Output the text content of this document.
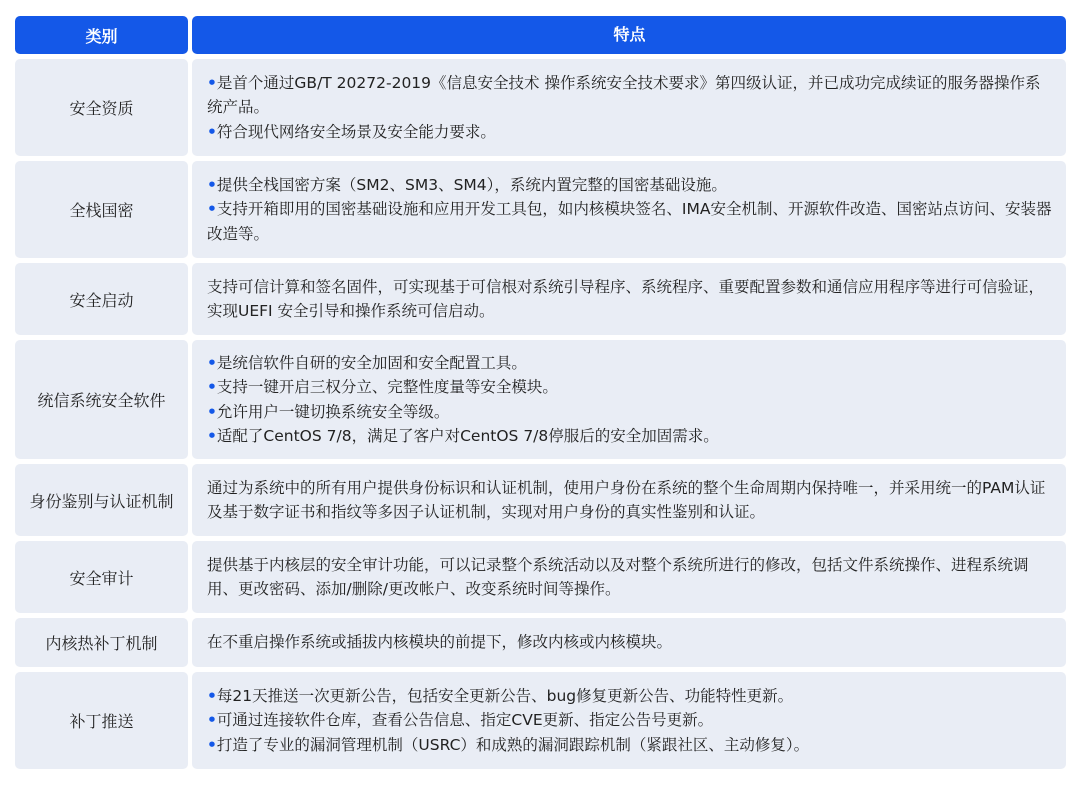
类别	特点
安全资质
•是首个通过GB/T 20272-2019《信息安全技术 操作系统安全技术要求》第四级认证，并已成功完成续证的服务器操作系统产品。
•符合现代网络安全场景及安全能力要求。
全栈国密
•提供全栈国密方案（SM2、SM3、SM4），系统内置完整的国密基础设施。
•支持开箱即用的国密基础设施和应用开发工具包，如内核模块签名、IMA安全机制、开源软件改造、国密站点访问、安装器改造等。
安全启动
支持可信计算和签名固件，可实现基于可信根对系统引导程序、系统程序、重要配置参数和通信应用程序等进行可信验证，实现UEFI 安全引导和操作系统可信启动。
统信系统安全软件
•是统信软件自研的安全加固和安全配置工具。
•支持一键开启三权分立、完整性度量等安全模块。
•允许用户一键切换系统安全等级。
•适配了CentOS 7/8，满足了客户对CentOS 7/8停服后的安全加固需求。
身份鉴别与认证机制
通过为系统中的所有用户提供身份标识和认证机制，使用户身份在系统的整个生命周期内保持唯一，并采用统一的PAM认证及基于数字证书和指纹等多因子认证机制，实现对用户身份的真实性鉴别和认证。
安全审计
提供基于内核层的安全审计功能，可以记录整个系统活动以及对整个系统所进行的修改，包括文件系统操作、进程系统调用、更改密码、添加/删除/更改帐户、改变系统时间等操作。
内核热补丁机制	在不重启操作系统或插拔内核模块的前提下，修改内核或内核模块。
补丁推送
•每21天推送一次更新公告，包括安全更新公告、bug修复更新公告、功能特性更新。
•可通过连接软件仓库，查看公告信息、指定CVE更新、指定公告号更新。
•打造了专业的漏洞管理机制（USRC）和成熟的漏洞跟踪机制（紧跟社区、主动修复）。
